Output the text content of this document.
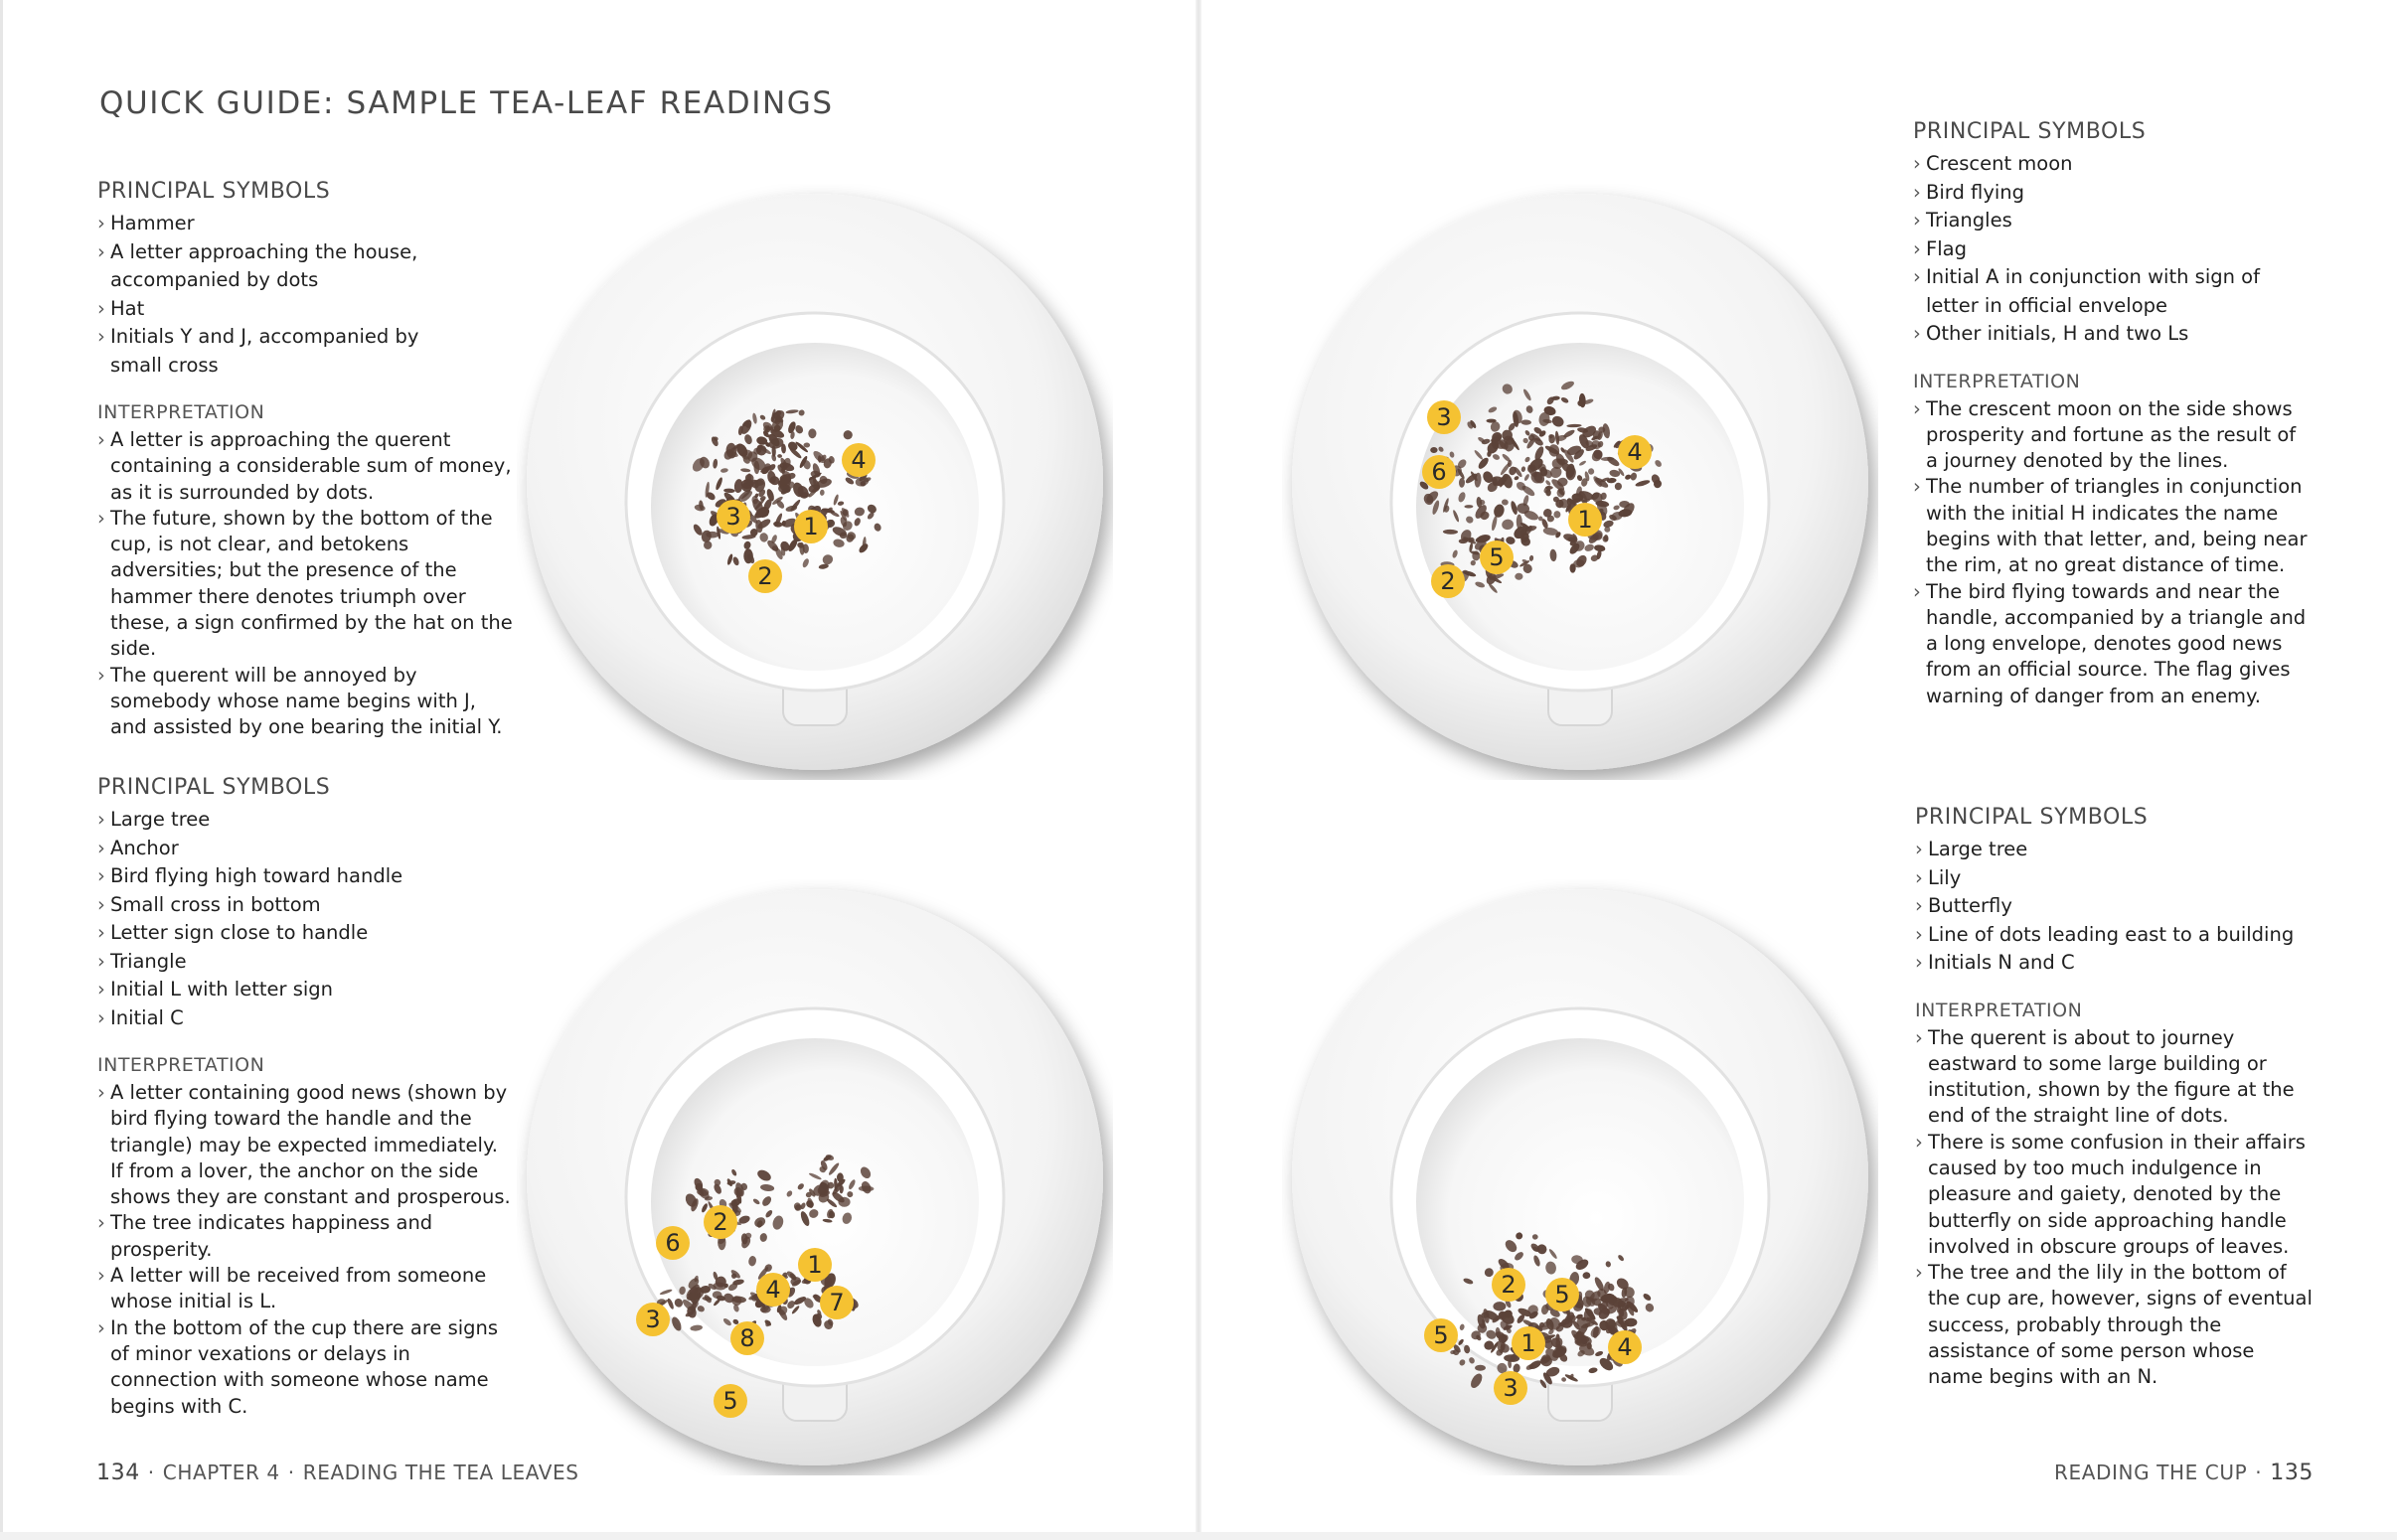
QUICK GUIDE: SAMPLE TEA-LEAF READINGS
PRINCIPAL SYMBOLS
› Hammer
› A letter approaching the house, accompanied by dots
› Hat
› Initials Y and J, accompanied by small cross
INTERPRETATION
› A letter is approaching the querent containing a considerable sum of money, as it is surrounded by dots.
› The future, shown by the bottom of the cup, is not clear, and betokens adversities; but the presence of the hammer there denotes triumph over these, a sign confirmed by the hat on the side.
› The querent will be annoyed by somebody whose name begins with J, and assisted by one bearing the initial Y.
PRINCIPAL SYMBOLS
› Crescent moon
› Bird flying
› Triangles
› Flag
› Initial A in conjunction with sign of letter in official envelope
› Other initials, H and two Ls
INTERPRETATION
› The crescent moon on the side shows prosperity and fortune as the result of a journey denoted by the lines.
› The number of triangles in conjunction with the initial H indicates the name begins with that letter, and, being near the rim, at no great distance of time.
› The bird flying towards and near the handle, accompanied by a triangle and a long envelope, denotes good news from an official source. The flag gives warning of danger from an enemy.
PRINCIPAL SYMBOLS
› Large tree
› Anchor
› Bird flying high toward handle
› Small cross in bottom
› Letter sign close to handle
› Triangle
› Initial L with letter sign
› Initial C
INTERPRETATION
› A letter containing good news (shown by bird flying toward the handle and the triangle) may be expected immediately. If from a lover, the anchor on the side shows they are constant and prosperous.
› The tree indicates happiness and prosperity.
› A letter will be received from someone whose initial is L.
› In the bottom of the cup there are signs of minor vexations or delays in connection with someone whose name begins with C.
PRINCIPAL SYMBOLS
› Large tree
› Lily
› Butterfly
› Line of dots leading east to a building
› Initials N and C
INTERPRETATION
› The querent is about to journey eastward to some large building or institution, shown by the figure at the end of the straight line of dots.
› There is some confusion in their affairs caused by too much indulgence in pleasure and gaiety, denoted by the butterfly on side approaching handle involved in obscure groups of leaves.
› The tree and the lily in the bottom of the cup are, however, signs of eventual success, probably through the assistance of some person whose name begins with an N.
1
2
3
4
1
2
3
4
5
6
1
2
3
4
5
6
7
8	1
2
3
4
5
5
134 · CHAPTER 4 · READING THE TEA LEAVES	READING THE CUP · 135
